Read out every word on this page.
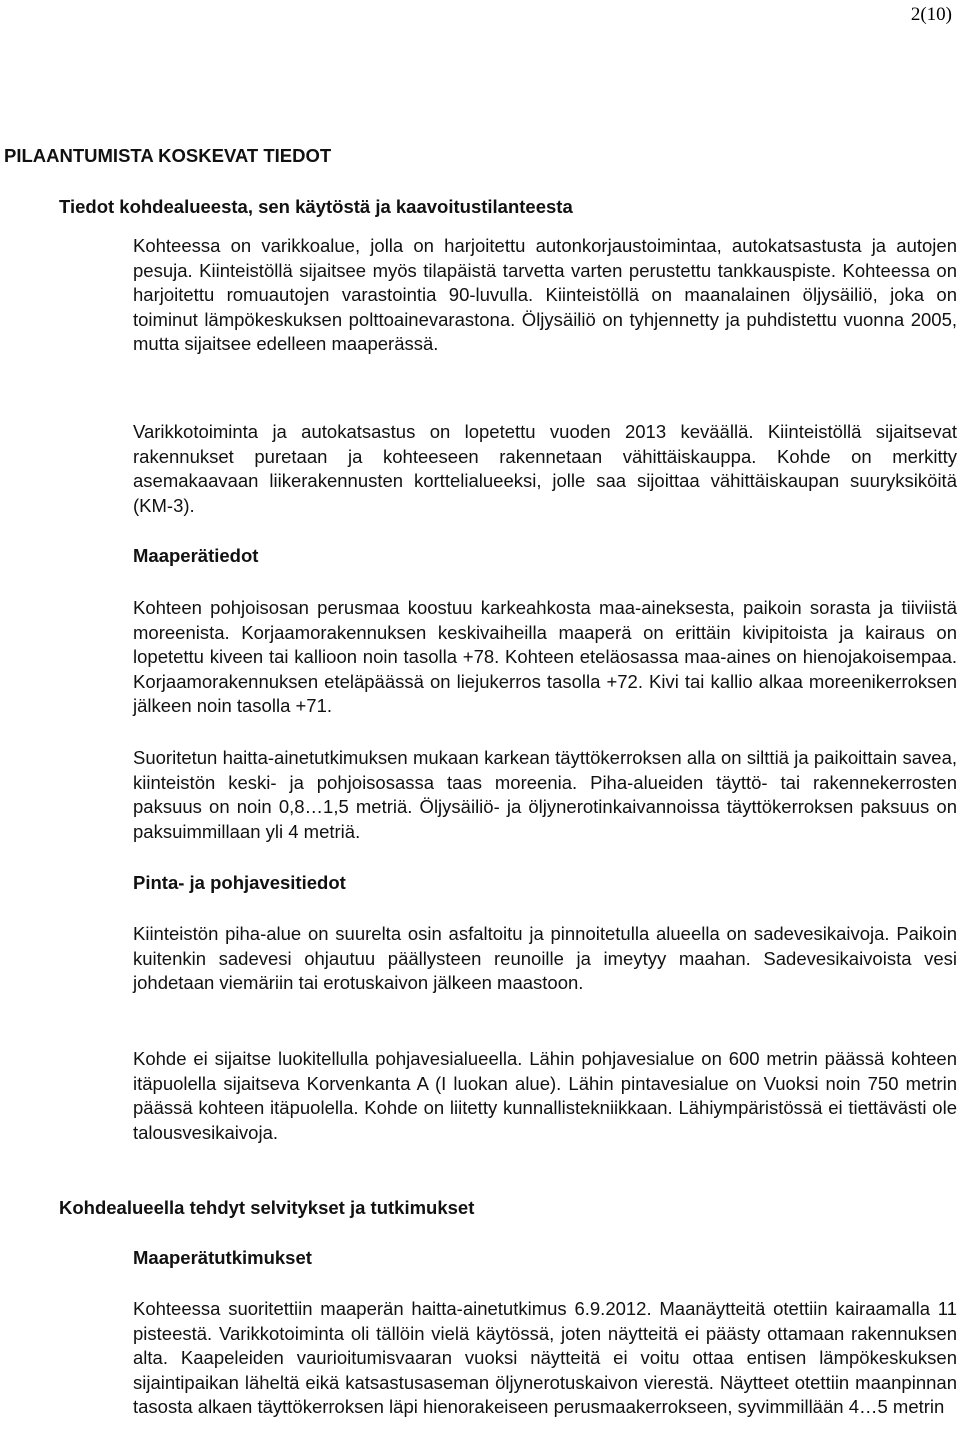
2(10)
PILAANTUMISTA KOSKEVAT TIEDOT
Tiedot kohdealueesta, sen käytöstä ja kaavoitustilanteesta

Kohteessa on varikkoalue, jolla on harjoitettu autonkorjaustoimintaa, autokatsastusta ja autojen pesuja. Kiinteistöllä sijaitsee myös tilapäistä tarvetta varten perustettu tankkauspiste. Kohteessa on harjoitettu romuautojen varastointia 90-luvulla. Kiinteistöllä on maanalainen öljysäiliö, joka on toiminut lämpökeskuksen polttoainevarastona. Öljysäiliö on tyhjennetty ja puhdistettu vuonna 2005, mutta sijaitsee edelleen maaperässä.

Varikkotoiminta ja autokatsastus on lopetettu vuoden 2013 keväällä. Kiinteistöllä sijaitsevat rakennukset puretaan ja kohteeseen rakennetaan vähittäiskauppa. Kohde on merkitty asemakaavaan liikerakennusten korttelialueeksi, jolle saa sijoittaa vähittäiskaupan suuryksiköitä (KM-3).

Maaperätiedot

Kohteen pohjoisosan perusmaa koostuu karkeahkosta maa-aineksesta, paikoin sorasta ja tiiviistä moreenista. Korjaamorakennuksen keskivaiheilla maaperä on erittäin kivipitoista ja kairaus on lopetettu kiveen tai kallioon noin tasolla +78. Kohteen eteläosassa maa-aines on hienojakoisempaa. Korjaamorakennuksen eteläpäässä on liejukerros tasolla +72. Kivi tai kallio alkaa moreenikerroksen jälkeen noin tasolla +71.

Suoritetun haitta-ainetutkimuksen mukaan karkean täyttökerroksen alla on silttiä ja paikoittain savea, kiinteistön keski- ja pohjoisosassa taas moreenia. Piha-alueiden täyttö- tai rakennekerrosten paksuus on noin 0,8…1,5 metriä. Öljysäiliö- ja öljynerotinkaivannoissa täyttökerroksen paksuus on paksuimmillaan yli 4 metriä.

Pinta- ja pohjavesitiedot

Kiinteistön piha-alue on suurelta osin asfaltoitu ja pinnoitetulla alueella on sadevesikaivoja. Paikoin kuitenkin sadevesi ohjautuu päällysteen reunoille ja imeytyy maahan. Sadevesikaivoista vesi johdetaan viemäriin tai erotuskaivon jälkeen maastoon.

Kohde ei sijaitse luokitellulla pohjavesialueella. Lähin pohjavesialue on 600 metrin päässä kohteen itäpuolella sijaitseva Korvenkanta A (I luokan alue). Lähin pintavesialue on Vuoksi noin 750 metrin päässä kohteen itäpuolella. Kohde on liitetty kunnallistekniikkaan. Lähiympäristössä ei tiettävästi ole talousvesikaivoja.

Kohdealueella tehdyt selvitykset ja tutkimukset
Maaperätutkimukset

Kohteessa suoritettiin maaperän haitta-ainetutkimus 6.9.2012. Maanäytteitä otettiin kairaamalla 11 pisteestä. Varikkotoiminta oli tällöin vielä käytössä, joten näytteitä ei päästy ottamaan rakennuksen alta. Kaapeleiden vaurioitumisvaaran vuoksi näytteitä ei voitu ottaa entisen lämpökeskuksen sijaintipaikan läheltä eikä katsastusaseman öljynerotuskaivon vierestä. Näytteet otettiin maanpinnan tasosta alkaen täyttökerroksen läpi hienorakeiseen perusmaakerrokseen, syvimmillään 4…5 metrin
